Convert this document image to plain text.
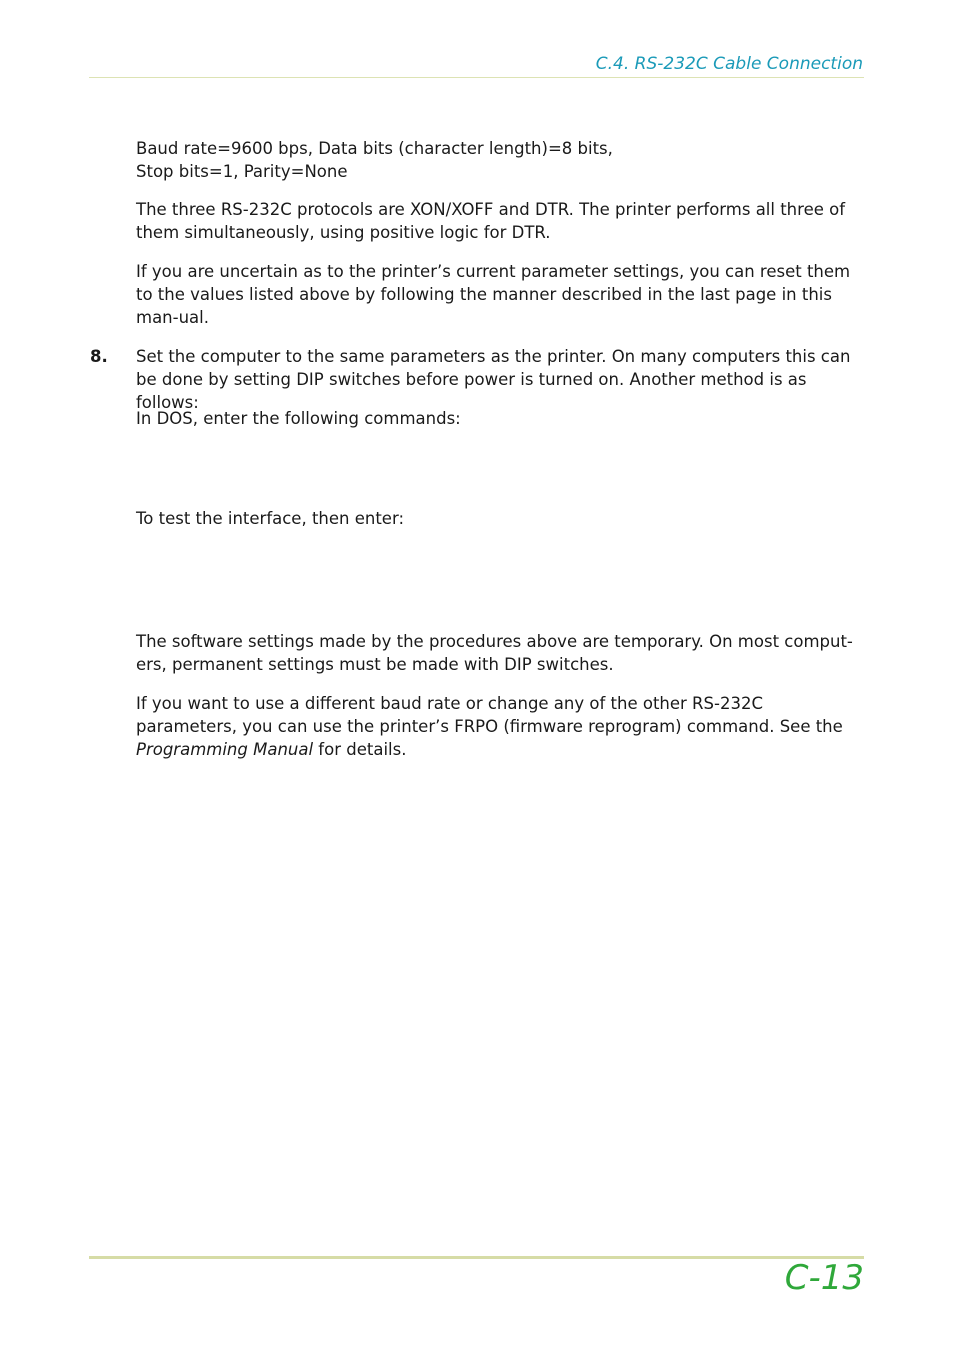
C.4. RS-232C Cable Connection

Baud rate=9600 bps, Data bits (character length)=8 bits,

Stop bits=1, Parity=None

The three RS-232C protocols are XON/XOFF and DTR. The printer performs all three of them simultaneously, using positive logic for DTR.

If you are uncertain as to the printer’s current parameter settings, you can reset them to the values listed above by following the manner described in the last page in this man-ual.

8. Set the computer to the same parameters as the printer. On many computers this can be done by setting DIP switches before power is turned on. Another method is as follows:

In DOS, enter the following commands:

To test the interface, then enter:

The software settings made by the procedures above are temporary. On most comput-ers, permanent settings must be made with DIP switches.

If you want to use a different baud rate or change any of the other RS-232C parameters, you can use the printer’s FRPO (firmware reprogram) command. See the Programming Manual for details.

C-13
